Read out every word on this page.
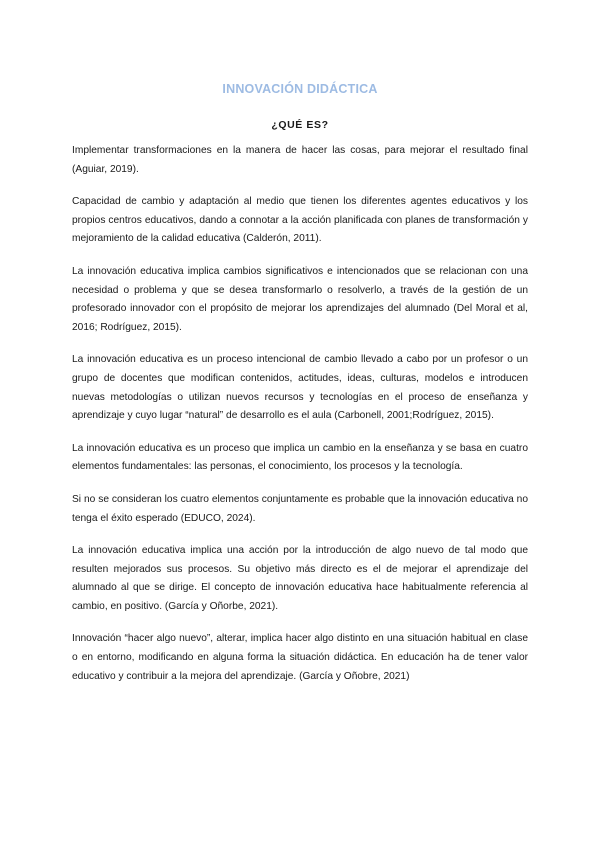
INNOVACIÓN DIDÁCTICA
¿QUÉ ES?

Implementar transformaciones en la manera de hacer las cosas, para mejorar el resultado final (Aguiar, 2019).

Capacidad de cambio y adaptación al medio que tienen los diferentes agentes educativos y los propios centros educativos, dando a connotar a la acción planificada con planes de transformación y mejoramiento de la calidad educativa (Calderón, 2011).

La innovación educativa implica cambios significativos e intencionados que se relacionan con una necesidad o problema y que se desea transformarlo o resolverlo, a través de la gestión de un profesorado innovador con el propósito de mejorar los aprendizajes del alumnado (Del Moral et al, 2016; Rodríguez, 2015).

La innovación educativa es un proceso intencional de cambio llevado a cabo por un profesor o un grupo de docentes que modifican contenidos, actitudes, ideas, culturas, modelos e introducen nuevas metodologías o utilizan nuevos recursos y tecnologías en el proceso de enseñanza y aprendizaje y cuyo lugar “natural” de desarrollo es el aula (Carbonell, 2001;Rodríguez, 2015).

La innovación educativa es un proceso que implica un cambio en la enseñanza y se basa en cuatro elementos fundamentales: las personas, el conocimiento, los procesos y la tecnología.

Si no se consideran los cuatro elementos conjuntamente es probable que la innovación educativa no tenga el éxito esperado (EDUCO, 2024).

La innovación educativa implica una acción por la introducción de algo nuevo de tal modo que resulten mejorados sus procesos. Su objetivo más directo es el de mejorar el aprendizaje del alumnado al que se dirige. El concepto de innovación educativa hace habitualmente referencia al cambio, en positivo. (García y Oñorbe, 2021).

Innovación “hacer algo nuevo”, alterar, implica hacer algo distinto en una situación habitual en clase o en entorno, modificando en alguna forma la situación didáctica. En educación ha de tener valor educativo y contribuir a la mejora del aprendizaje. (García y Oñobre, 2021)
